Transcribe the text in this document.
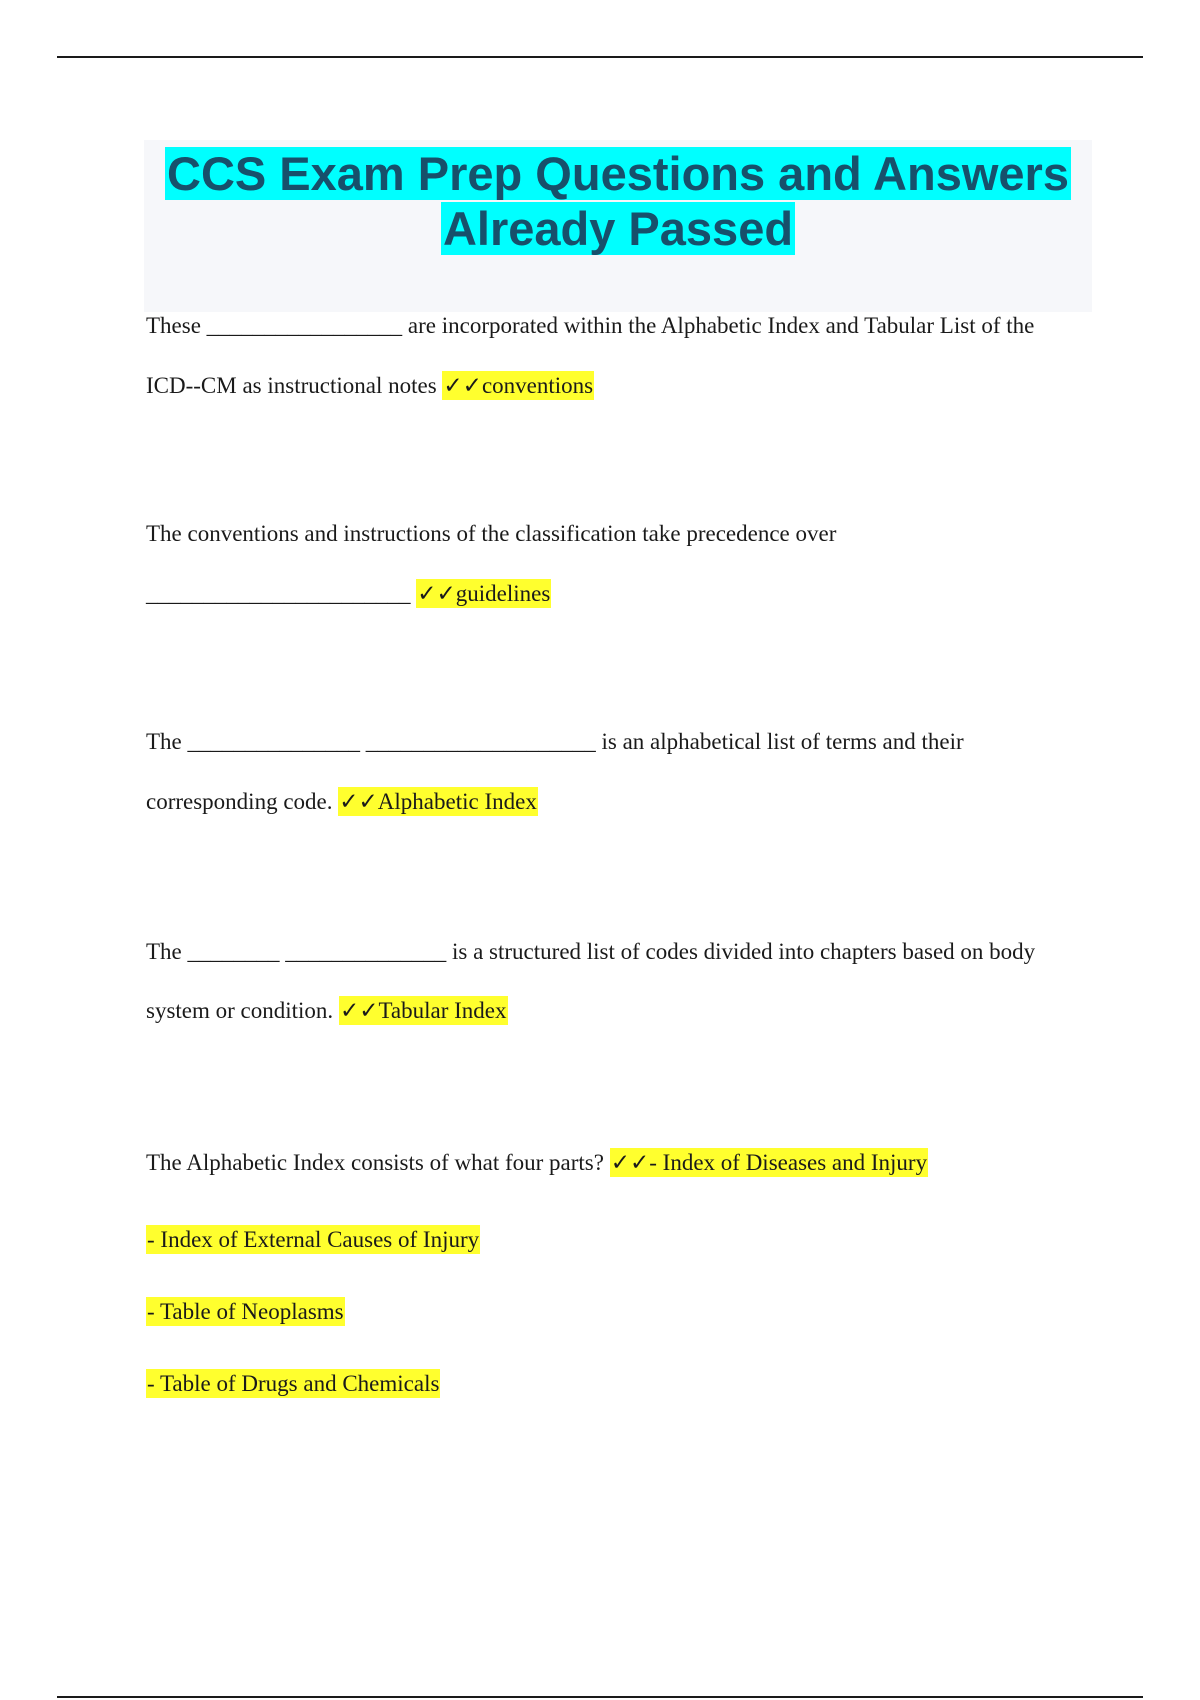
CCS Exam Prep Questions and Answers
Already Passed
These _________________ are incorporated within the Alphabetic Index and Tabular List of the
ICD--CM as instructional notes ✓✓conventions
The conventions and instructions of the classification take precedence over
_______________________ ✓✓guidelines
The _______________ ____________________ is an alphabetical list of terms and their
corresponding code. ✓✓Alphabetic Index
The ________ ______________ is a structured list of codes divided into chapters based on body
system or condition. ✓✓Tabular Index
The Alphabetic Index consists of what four parts? ✓✓- Index of Diseases and Injury
- Index of External Causes of Injury
- Table of Neoplasms
- Table of Drugs and Chemicals
